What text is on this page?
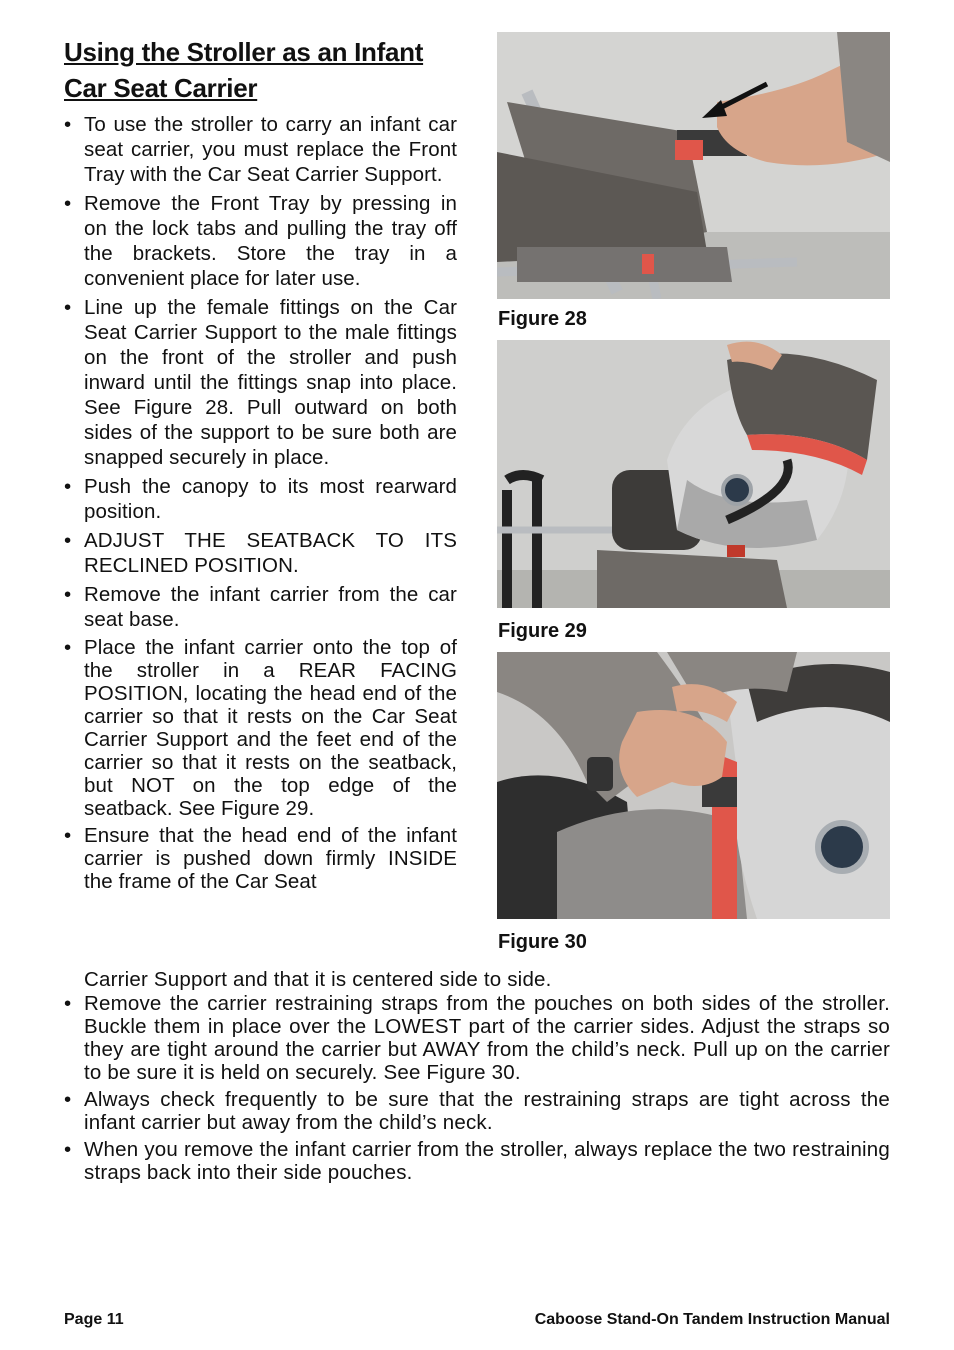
Using the Stroller as an Infant
Car Seat Carrier
• To use the stroller to carry an infant car seat carrier, you must replace the Front Tray with the Car Seat Carrier Support.
• Remove the Front Tray by pressing in on the lock tabs and pulling the tray off the brackets. Store the tray in a convenient place for later use.
• Line up the female fittings on the Car Seat Carrier Support to the male fittings on the front of the stroller and push inward until the fittings snap into place. See Figure 28. Pull outward on both sides of the support to be sure both are snapped securely in place.
• Push the canopy to its most rearward position.
• ADJUST THE SEATBACK TO ITS RECLINED POSITION.
• Remove the infant carrier from the car seat base.
• Place the infant carrier onto the top of the stroller in a REAR FACING POSITION, locating the head end of the carrier so that it rests on the Car Seat Carrier Support and the feet end of the carrier so that it rests on the seatback, but NOT on the top edge of the seatback. See Figure 29.
• Ensure that the head end of the infant carrier is pushed down firmly INSIDE the frame of the Car Seat
Carrier Support and that it is centered side to side.
• Remove the carrier restraining straps from the pouches on both sides of the stroller. Buckle them in place over the LOWEST part of the carrier sides. Adjust the straps so they are tight around the carrier but AWAY from the child’s neck. Pull up on the carrier to be sure it is held on securely. See Figure 30.
• Always check frequently to be sure that the restraining straps are tight across the infant carrier but away from the child’s neck.
• When you remove the infant carrier from the stroller, always replace the two restraining straps back into their side pouches.
Figure 28
Figure 29
Figure 30
Page 11	Caboose Stand-On Tandem Instruction Manual
